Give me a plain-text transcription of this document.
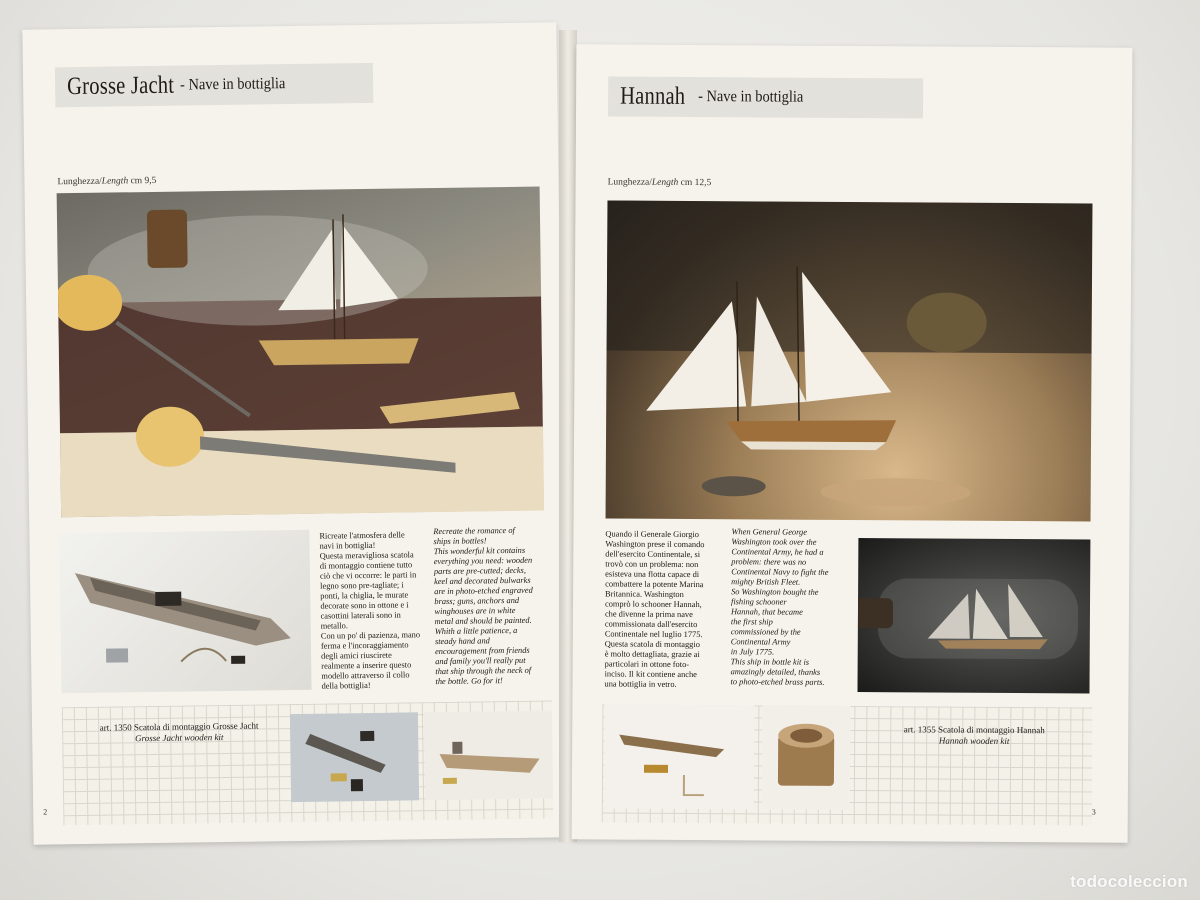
Grosse Jacht - Nave in bottiglia
Lunghezza/Length cm 9,5
Ricreate l'atmosfera delle
navi in bottiglia!
Questa meravigliosa scatola
di montaggio contiene tutto
ciò che vi occorre: le parti in
legno sono pre-tagliate; i
ponti, la chiglia, le murate
decorate sono in ottone e i
casottini laterali sono in
metallo.
Con un po' di pazienza, mano
ferma e l'incoraggiamento
degli amici riuscirete
realmente a inserire questo
modello attraverso il collo
della bottiglia!
Recreate the romance of
ships in bottles!
This wonderful kit contains
everything you need: wooden
parts are pre-cutted; decks,
keel and decorated bulwarks
are in photo-etched engraved
brass; guns, anchors and
winghouses are in white
metal and should be painted.
Whith a little patience, a
steady hand and
encouragement from friends
and family you'll really put
that ship through the neck of
the bottle. Go for it!
art. 1350 Scatola di montaggio Grosse Jacht
Grosse Jacht wooden kit
2
Hannah - Nave in bottiglia
Lunghezza/Length cm 12,5
Quando il Generale Giorgio
Washington prese il comando
dell'esercito Continentale, si
trovò con un problema: non
esisteva una flotta capace di
combattere la potente Marina
Britannica. Washington
comprò lo schooner Hannah,
che divenne la prima nave
commissionata dall'esercito
Continentale nel luglio 1775.
Questa scatola di montaggio
è molto dettagliata, grazie ai
particolari in ottone foto-
inciso. Il kit contiene anche
una bottiglia in vetro.
When General George
Washington took over the
Continental Army, he had a
problem: there was no
Continental Navy to fight the
mighty British Fleet.
So Washington bought the
fishing schooner
Hannah, that became
the first ship
commissioned by the
Continental Army
in July 1775.
This ship in bottle kit is
amazingly detailed, thanks
to photo-etched brass parts.
art. 1355 Scatola di montaggio Hannah
Hannah wooden kit
3
todocoleccion
